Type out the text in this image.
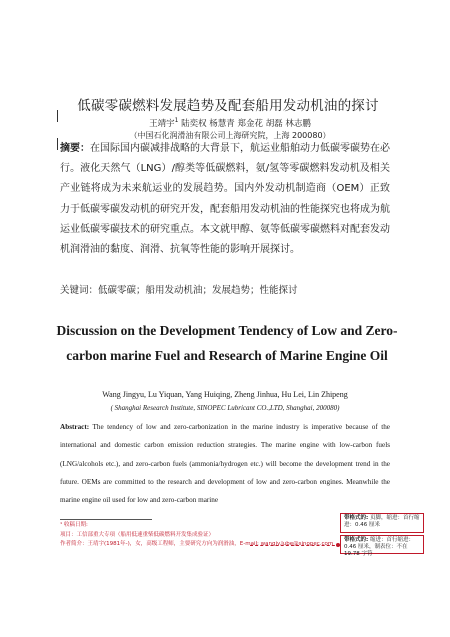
低碳零碳燃料发展趋势及配套船用发动机油的探讨
王靖宇$^1$ 陆奕权 杨慧青 郑金花 胡磊 林志鹏
（中国石化润滑油有限公司上海研究院，上海 200080）
摘要：在国际国内碳减排战略的大背景下，航运业船舶动力低碳零碳势在必行。液化天然气（LNG）/醇类等低碳燃料，氨/氢等零碳燃料发动机及相关产业链将成为未来航运业的发展趋势。国内外发动机制造商（OEM）正致力于低碳零碳发动机的研究开发，配套船用发动机油的性能探究也将成为航运业低碳零碳技术的研究重点。本文就甲醇、氨等低碳零碳燃料对配套发动机润滑油的黏度、润滑、抗氧等性能的影响开展探讨。
关键词：低碳零碳；船用发动机油；发展趋势；性能探讨
Discussion on the Development Tendency of Low and Zero-carbon marine Fuel and Research of Marine Engine Oil
Wang Jingyu, Lu Yiquan, Yang Huiqing, Zheng Jinhua, Hu Lei, Lin Zhipeng
( Shanghai Research Institute, SINOPEC Lubricant CO.,LTD, Shanghai, 200080)
Abstract: The tendency of low and zero-carbonization in the marine industry is imperative because of the international and domestic carbon emission reduction strategies. The marine engine with low-carbon fuels (LNG/alcohols etc.), and zero-carbon fuels (ammonia/hydrogen etc.) will become the development trend in the future. OEMs are committed to the research and development of low and zero-carbon engines. Meanwhile the marine engine oil used for low and zero-carbon marine
¹ 收稿日期:
项目：工信部重大专项（船用低速重柴低碳燃料开发集成验证）
作者简介：王靖宇(1981年-)，女，高级工程师，主要研究方向为润滑油，E-mail: wangjy.lube@sinopec.com
带格式的: 页脚，缩进：首行缩进：0.46 厘米
带格式的: 缩进：首行缩进：0.46 厘米，制表位：不在 19.78 字符
